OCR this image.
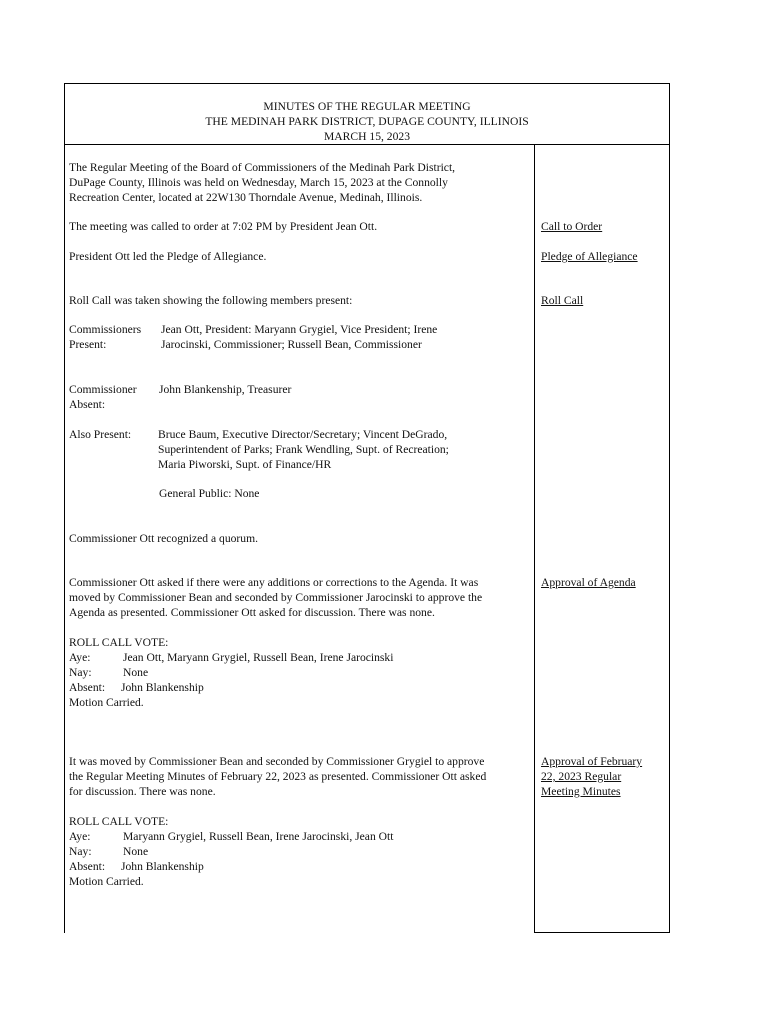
MINUTES OF THE REGULAR MEETING
THE MEDINAH PARK DISTRICT, DUPAGE COUNTY, ILLINOIS
MARCH 15, 2023
The Regular Meeting of the Board of Commissioners of the Medinah Park District,
DuPage County, Illinois was held on Wednesday, March 15, 2023 at the Connolly
Recreation Center, located at 22W130 Thorndale Avenue, Medinah, Illinois.
The meeting was called to order at 7:02 PM by President Jean Ott.	Call to Order
President Ott led the Pledge of Allegiance.	Pledge of Allegiance
Roll Call was taken showing the following members present:	Roll Call
Commissioners
Present:
Jean Ott, President: Maryann Grygiel, Vice President; Irene
Jarocinski, Commissioner; Russell Bean, Commissioner
Commissioner
Absent:
John Blankenship, Treasurer
Also Present: Bruce Baum, Executive Director/Secretary; Vincent DeGrado,
Superintendent of Parks; Frank Wendling, Supt. of Recreation;
Maria Piworski, Supt. of Finance/HR
General Public: None
Commissioner Ott recognized a quorum.
Commissioner Ott asked if there were any additions or corrections to the Agenda. It was
moved by Commissioner Bean and seconded by Commissioner Jarocinski to approve the
Agenda as presented. Commissioner Ott asked for discussion. There was none.
Approval of Agenda
ROLL CALL VOTE:
Aye:	Jean Ott, Maryann Grygiel, Russell Bean, Irene Jarocinski
Nay:	None
Absent: John Blankenship
Motion Carried.
It was moved by Commissioner Bean and seconded by Commissioner Grygiel to approve
the Regular Meeting Minutes of February 22, 2023 as presented. Commissioner Ott asked
for discussion. There was none.
Approval of February
22, 2023 Regular
Meeting Minutes
ROLL CALL VOTE:
Aye:	Maryann Grygiel, Russell Bean, Irene Jarocinski, Jean Ott
Nay:	None
Absent: John Blankenship
Motion Carried.
